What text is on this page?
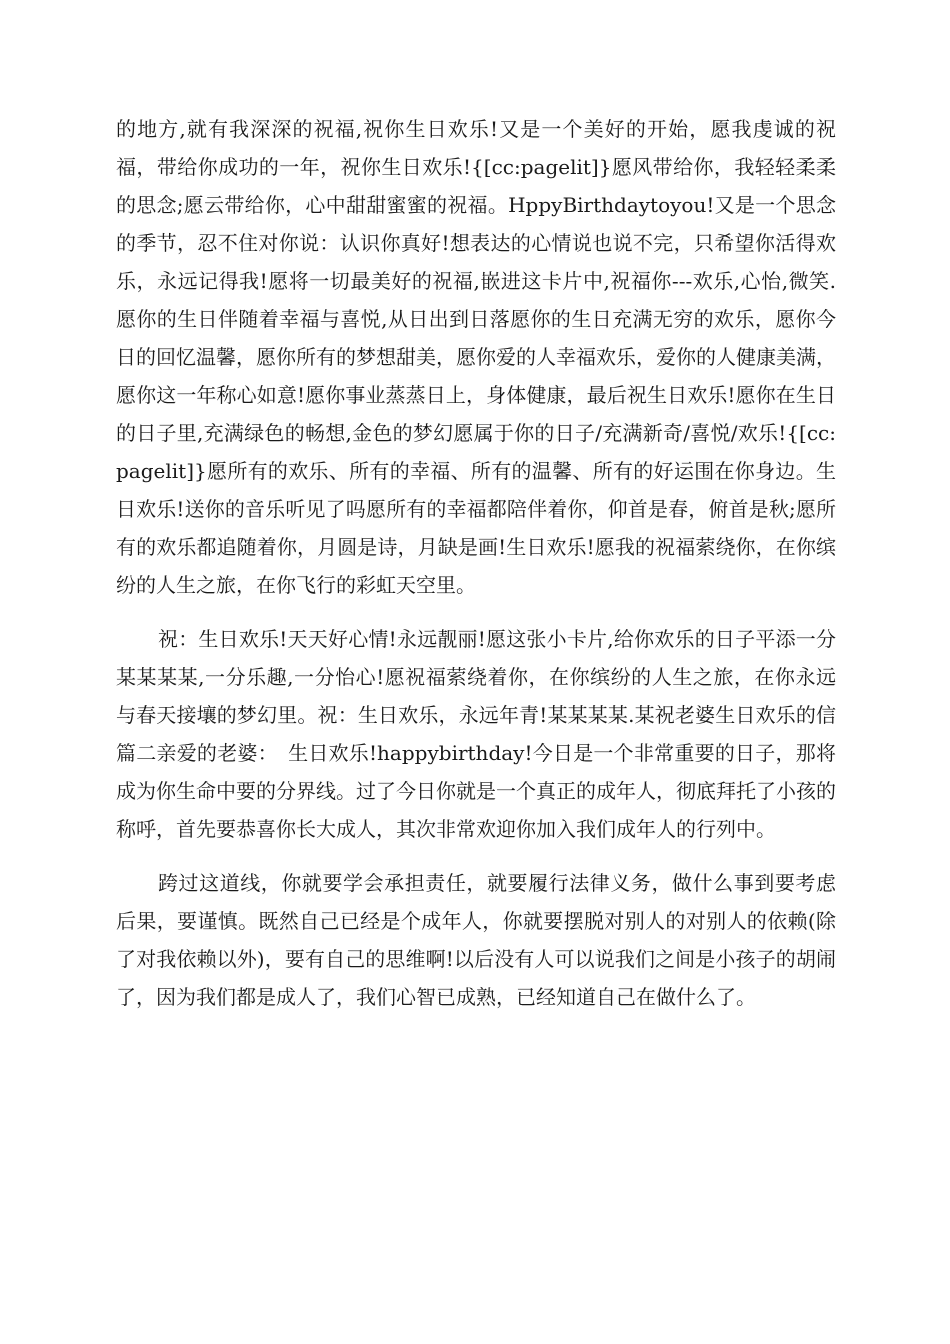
的地方,就有我深深的祝福,祝你生日欢乐!又是一个美好的开始，愿我虔诚的祝福，带给你成功的一年，祝你生日欢乐!{[cc:pagelit]}愿风带给你，我轻轻柔柔的思念;愿云带给你，心中甜甜蜜蜜的祝福。HppyBirthdaytoyou!又是一个思念的季节，忍不住对你说：认识你真好!想表达的心情说也说不完，只希望你活得欢乐，永远记得我!愿将一切最美好的祝福,嵌进这卡片中,祝福你---欢乐,心怡,微笑.愿你的生日伴随着幸福与喜悦,从日出到日落愿你的生日充满无穷的欢乐，愿你今日的回忆温馨，愿你所有的梦想甜美，愿你爱的人幸福欢乐，爱你的人健康美满，愿你这一年称心如意!愿你事业蒸蒸日上，身体健康，最后祝生日欢乐!愿你在生日的日子里,充满绿色的畅想,金色的梦幻愿属于你的日子/充满新奇/喜悦/欢乐!{[cc:pagelit]}愿所有的欢乐、所有的幸福、所有的温馨、所有的好运围在你身边。生日欢乐!送你的音乐听见了吗愿所有的幸福都陪伴着你，仰首是春，俯首是秋;愿所有的欢乐都追随着你，月圆是诗，月缺是画!生日欢乐!愿我的祝福萦绕你，在你缤纷的人生之旅，在你飞行的彩虹天空里。

祝：生日欢乐!天天好心情!永远靓丽!愿这张小卡片,给你欢乐的日子平添一分某某某某,一分乐趣,一分怡心!愿祝福萦绕着你，在你缤纷的人生之旅，在你永远与春天接壤的梦幻里。祝：生日欢乐，永远年青!某某某某.某祝老婆生日欢乐的信篇二亲爱的老婆：　生日欢乐!happybirthday!今日是一个非常重要的日子，那将成为你生命中要的分界线。过了今日你就是一个真正的成年人，彻底拜托了小孩的称呼，首先要恭喜你长大成人，其次非常欢迎你加入我们成年人的行列中。

跨过这道线，你就要学会承担责任，就要履行法律义务，做什么事到要考虑后果，要谨慎。既然自己已经是个成年人，你就要摆脱对别人的对别人的依赖(除了对我依赖以外)，要有自己的思维啊!以后没有人可以说我们之间是小孩子的胡闹了，因为我们都是成人了，我们心智已成熟，已经知道自己在做什么了。
